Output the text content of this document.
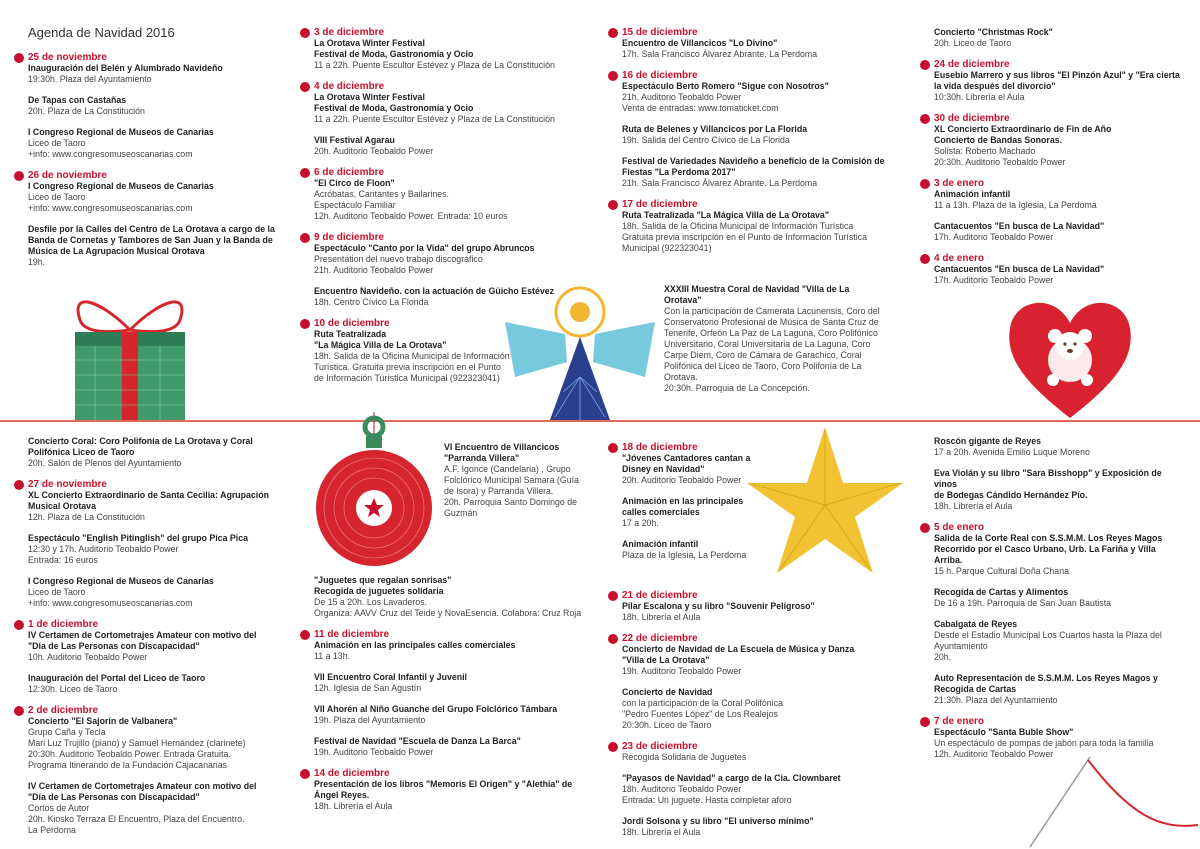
Agenda de Navidad 2016
25 de noviembre
Inauguración del Belén y Alumbrado Navideño
19:30h. Plaza del Ayuntamiento
De Tapas con Castañas
20h. Plaza de La Constitución
I Congreso Regional de Museos de Canarias
Liceo de Taoro
+info: www.congresomuseoscanarias.com
26 de noviembre
I Congreso Regional de Museos de Canarias
Liceo de Taoro
+info: www.congresomuseoscanarias.com
Desfile por la Calles del Centro de La Orotava a cargo de la
Banda de Cornetas y Tambores de San Juan y la Banda de
Música de La Agrupación Musical Orotava
19h.
3 de diciembre
La Orotava Winter Festival
Festival de Moda, Gastronomía y Ocio
11 a 22h. Puente Escultor Estévez y Plaza de La Constitución
4 de diciembre
La Orotava Winter Festival
Festival de Moda, Gastronomía y Ocio
11 a 22h. Puente Escultor Estévez y Plaza de La Constitución
VIII Festival Agarau
20h. Auditorio Teobaldo Power
6 de diciembre
"El Circo de Floon"
Acróbatas, Cantantes y Bailarines.
Espectáculo Familiar
12h. Auditorio Teobaldo Power. Entrada: 10 euros
9 de diciembre
Espectáculo "Canto por la Vida" del grupo Abruncos
Presentation del nuevo trabajo discográfico
21h. Auditorio Teobaldo Power
Encuentro Navideño. con la actuación de Güicho Estévez
18h. Centro Cívico La Florida
10 de diciembre
Ruta Teatralizada
"La Mágica Villa de La Orotava"
18h. Salida de la Oficina Municipal de Información
Turística. Gratuita previa inscripción en el Punto
de Información Turística Municipal (922323041)
15 de diciembre
Encuentro de Villancicos "Lo Divino"
17h. Sala Francisco Álvarez Abrante. La Perdoma
16 de diciembre
Espectáculo Berto Romero "Sigue con Nosotros"
21h. Auditorio Teobaldo Power
Venta de entradas: www.tomaticket.com
Ruta de Belenes y Villancicos por La Florida
19h. Salida del Centro Cívico de La Florida
Festival de Variedades Navideño a beneficio de la Comisión de
Fiestas "La Perdoma 2017"
21h. Sala Francisco Álvarez Abrante. La Perdoma
17 de diciembre
Ruta Teatralizada "La Mágica Villa de La Orotava"
18h. Salida de la Oficina Municipal de Información Turística
Gratuita previa inscripción en el Punto de Información Turística
Municipal (922323041)
XXXIII Muestra Coral de Navidad "Villa de La Orotava"
Con la participación de Camerata Lacunensis, Coro del
Conservatorio Profesional de Música de Santa Cruz de
Tenerife, Orfeón La Paz de La Laguna, Coro Polifónico
Universitario, Coral Universitaria de La Laguna, Coro
Carpe Diem, Coro de Cámara de Garachico, Coral
Polifónica del Liceo de Taoro, Coro Polifonía de La
Orotava.
20:30h. Parroquia de La Concepción.
Concierto "Christmas Rock"
20h. Liceo de Taoro
24 de diciembre
Eusebio Marrero y sus libros "El Pinzón Azul" y "Era cierta
la vida después del divorcio"
10:30h. Librería el Aula
30 de diciembre
XL Concierto Extraordinario de Fin de Año
Concierto de Bandas Sonoras.
Solista: Roberto Machado
20:30h. Auditorio Teobaldo Power
3 de enero
Animación infantil
11 a 13h. Plaza de la Iglesia, La Perdoma
Cantacuentos "En busca de La Navidad"
17h. Auditorio Teobaldo Power
4 de enero
Cantacuentos "En busca de La Navidad"
17h. Auditorio Teobaldo Power
Concierto Coral: Coro Polifonía de La Orotava y Coral
Polifónica Liceo de Taoro
20h. Salón de Plenos del Ayuntamiento
27 de noviembre
XL Concierto Extraordinario de Santa Cecilia: Agrupación
Musical Orotava
12h. Plaza de La Constitución
Espectáculo "English Pitinglish" del grupo Pica Pica
12:30 y 17h. Auditorio Teobaldo Power
Entrada: 16 euros
I Congreso Regional de Museos de Canarias
Liceo de Taoro
+info: www.congresomuseoscanarias.com
1 de diciembre
IV Certamen de Cortometrajes Amateur con motivo del
"Día de Las Personas con Discapacidad"
10h. Auditorio Teobaldo Power
Inauguración del Portal del Liceo de Taoro
12:30h. Liceo de Taoro
2 de diciembre
Concierto "El Sajorín de Valbanera"
Grupo Caña y Tecla
Mari Luz Trujillo (piano) y Samuel Hernández (clarinete)
20:30h. Auditorio Teobaldo Power. Entrada Gratuita.
Programa Itinerando de la Fundación Cajacanarias
IV Certamen de Cortometrajes Amateur con motivo del
"Día de Las Personas con Discapacidad"
Cortos de Autor
20h. Kiosko Terraza El Encuentro, Plaza del Encuentro.
La Perdoma
VI Encuentro de Villancicos
"Parranda Villera"
A.F. Igonce (Candelaria) , Grupo
Folclórico Municipal Samara (Guía
de Isora) y Parranda Villera.
20h. Parroquia Santo Domingo de
Guzmán
"Juguetes que regalan sonrisas"
Recogida de juguetes solidaria
De 15 a 20h. Los Lavaderos.
Organiza: AAVV Cruz del Teide y NovaEsencia. Colabora: Cruz Roja
11 de diciembre
Animación en las principales calles comerciales
11 a 13h.
VII Encuentro Coral Infantil y Juvenil
12h. Iglesia de San Agustín
VII Ahorén al Niño Guanche del Grupo Folclórico Támbara
19h. Plaza del Ayuntamiento
Festival de Navidad "Escuela de Danza La Barca"
19h. Auditorio Teobaldo Power
14 de diciembre
Presentación de los libros "Memoris El Origen" y "Alethia" de
Ángel Reyes.
18h. Librería el Aula
18 de diciembre
"Jóvenes Cantadores cantan a
Disney en Navidad"
20h. Auditorio Teobaldo Power
Animación en las principales
calles comerciales
17 a 20h.
Animación infantil
Plaza de la Iglesia, La Perdoma
21 de diciembre
Pilar Escalona y su libro "Souvenir Peligroso"
18h. Librería el Aula
22 de diciembre
Concierto de Navidad de La Escuela de Música y Danza
"Villa de La Orotava"
19h. Auditorio Teobaldo Power
Concierto de Navidad
con la participación de la Coral Polifónica
"Pedro Fuentes López" de Los Realejos
20:30h. Liceo de Taoro
23 de diciembre
Recogida Solidaria de Juguetes
"Payasos de Navidad" a cargo de la Cia. Clownbaret
18h. Auditorio Teobaldo Power
Entrada: Un juguete. Hasta completar aforo
Jordi Solsona y su libro "El universo mínimo"
18h. Librería el Aula
Roscón gigante de Reyes
17 a 20h. Avenida Emilio Luque Moreno
Eva Violán y su libro "Sara Bisshopp" y Exposición de vinos
de Bodegas Cándido Hernández Pío.
18h. Librería el Aula
5 de enero
Salida de la Corte Real con S.S.M.M. Los Reyes Magos
Recorrido por el Casco Urbano, Urb. La Fariña y Villa
Arriba.
15 h. Parque Cultural Doña Chana
Recogida de Cartas y Alimentos
De 16 a 19h. Parroquia de San Juan Bautista
Cabalgata de Reyes
Desde el Estadio Municipal Los Cuartos hasta la Plaza del
Ayuntamiento
20h.
Auto Representación de S.S.M.M. Los Reyes Magos y
Recogida de Cartas
21:30h. Plaza del Ayuntamiento
7 de enero
Espectáculo "Santa Buble Show"
Un espectáculo de pompas de jabón para toda la familia
12h. Auditorio Teobaldo Power
